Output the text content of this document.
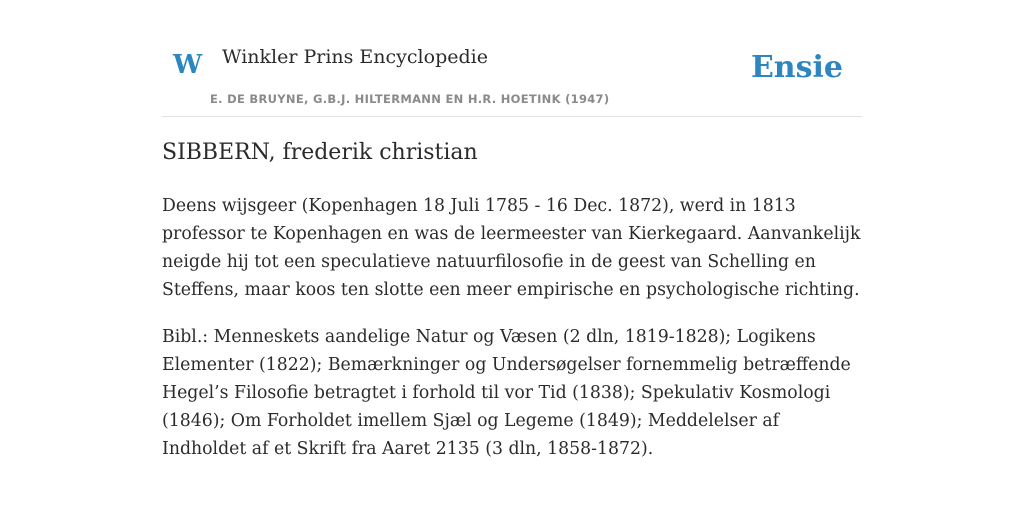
W Winkler Prins Encyclopedie
E. DE BRUYNE, G.B.J. HILTERMANN EN H.R. HOETINK (1947)
Ensie
SIBBERN, frederik christian

Deens wijsgeer (Kopenhagen 18 Juli 1785 - 16 Dec. 1872), werd in 1813 professor te Kopenhagen en was de leermeester van Kierkegaard. Aanvankelijk neigde hij tot een speculatieve natuurfilosofie in de geest van Schelling en Steffens, maar koos ten slotte een meer empirische en psychologische richting.

Bibl.: Menneskets aandelige Natur og Væsen (2 dln, 1819-1828); Logikens Elementer (1822); Bemærkninger og Undersøgelser fornemmelig betræffende Hegel’s Filosofie betragtet i forhold til vor Tid (1838); Spekulativ Kosmologi (1846); Om Forholdet imellem Sjæl og Legeme (1849); Meddelelser af Indholdet af et Skrift fra Aaret 2135 (3 dln, 1858-1872).
